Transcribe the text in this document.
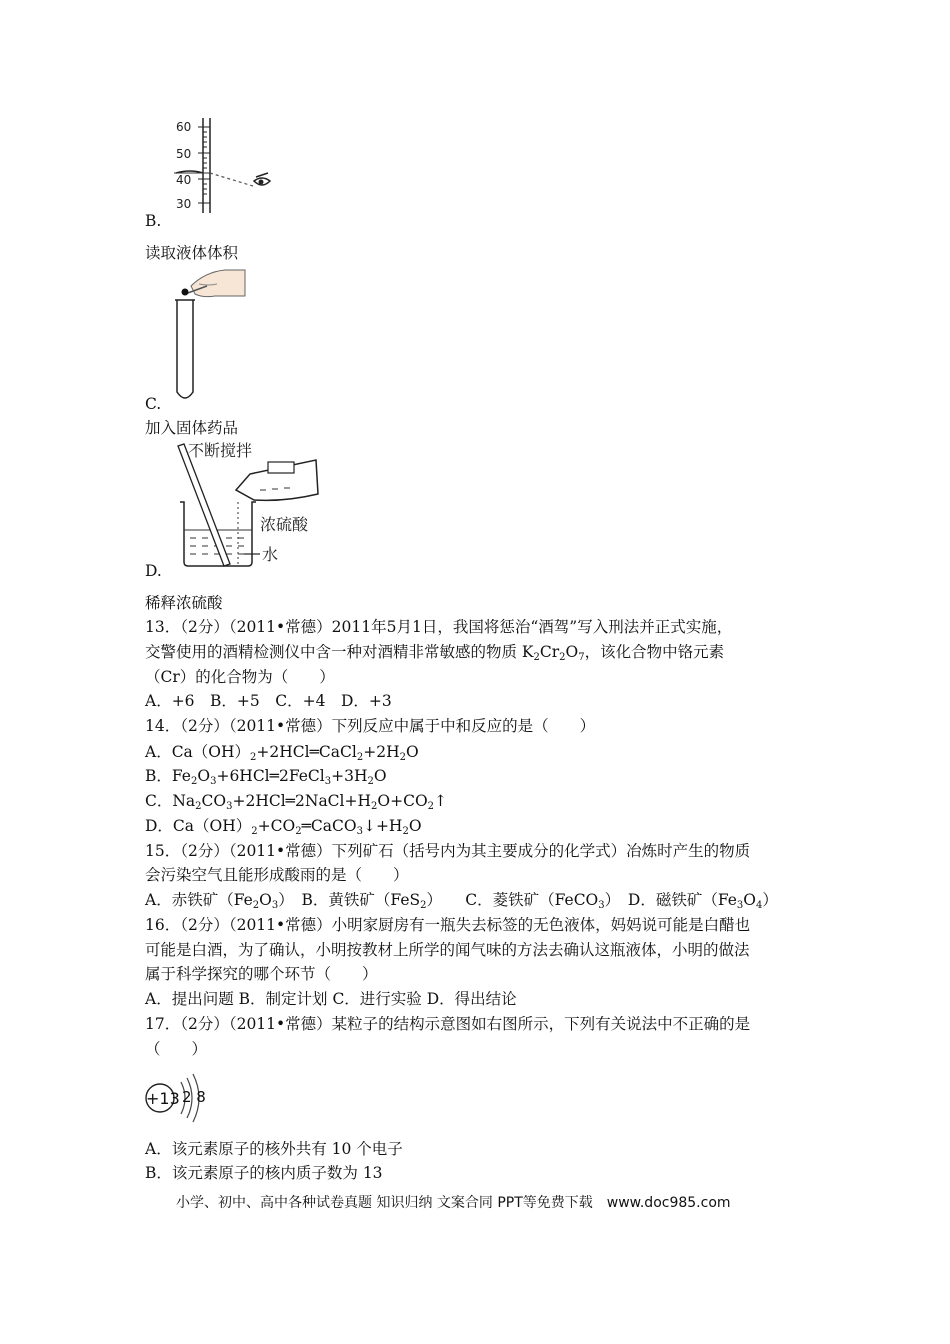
60
50
40
30
B.
读取液体体积
C.
加入固体药品
不断搅拌
浓硫酸
水
D.
稀释浓硫酸
13．（2分）（2011•常德）2011年5月1日，我国将惩治“酒驾”写入刑法并正式实施，
交警使用的酒精检测仪中含一种对酒精非常敏感的物质 $K_2Cr_2O_7$，该化合物中铬元素
（Cr）的化合物为（　　）
A．+6　B．+5　C．+4　D．+3
14．（2分）（2011•常德）下列反应中属于中和反应的是（　　）
A．$Ca(OH)_2+2HCl═CaCl_2+2H_2O$
B．$Fe_2O_3+6HCl═2FeCl_3+3H_2O$
C．$Na_2CO_3+2HCl═2NaCl+H_2O+CO_2↑$
D．$Ca(OH)_2+CO_2═CaCO_3↓+H_2O$
15．（2分）（2011•常德）下列矿石（括号内为其主要成分的化学式）冶炼时产生的物质
会污染空气且能形成酸雨的是（　　）
A．赤铁矿$(Fe_2O_3)$　B．黄铁矿（FeS$_2$）　　C．菱铁矿（FeCO$_3$）　D．磁铁矿$(Fe_3O_4)$
16．（2分）（2011•常德）小明家厨房有一瓶失去标签的无色液体，妈妈说可能是白醋也
可能是白酒，为了确认，小明按教材上所学的闻气味的方法去确认这瓶液体，小明的做法
属于科学探究的哪个环节（　　）
A．提出问题 B．制定计划 C．进行实验 D．得出结论
17．（2分）（2011•常德）某粒子的结构示意图如右图所示，下列有关说法中不正确的是
（　　）
+13 2 8
A．该元素原子的核外共有 10 个电子
B．该元素原子的核内质子数为 13
小学、初中、高中各种试卷真题 知识归纳 文案合同 PPT等免费下载　www.doc985.com
